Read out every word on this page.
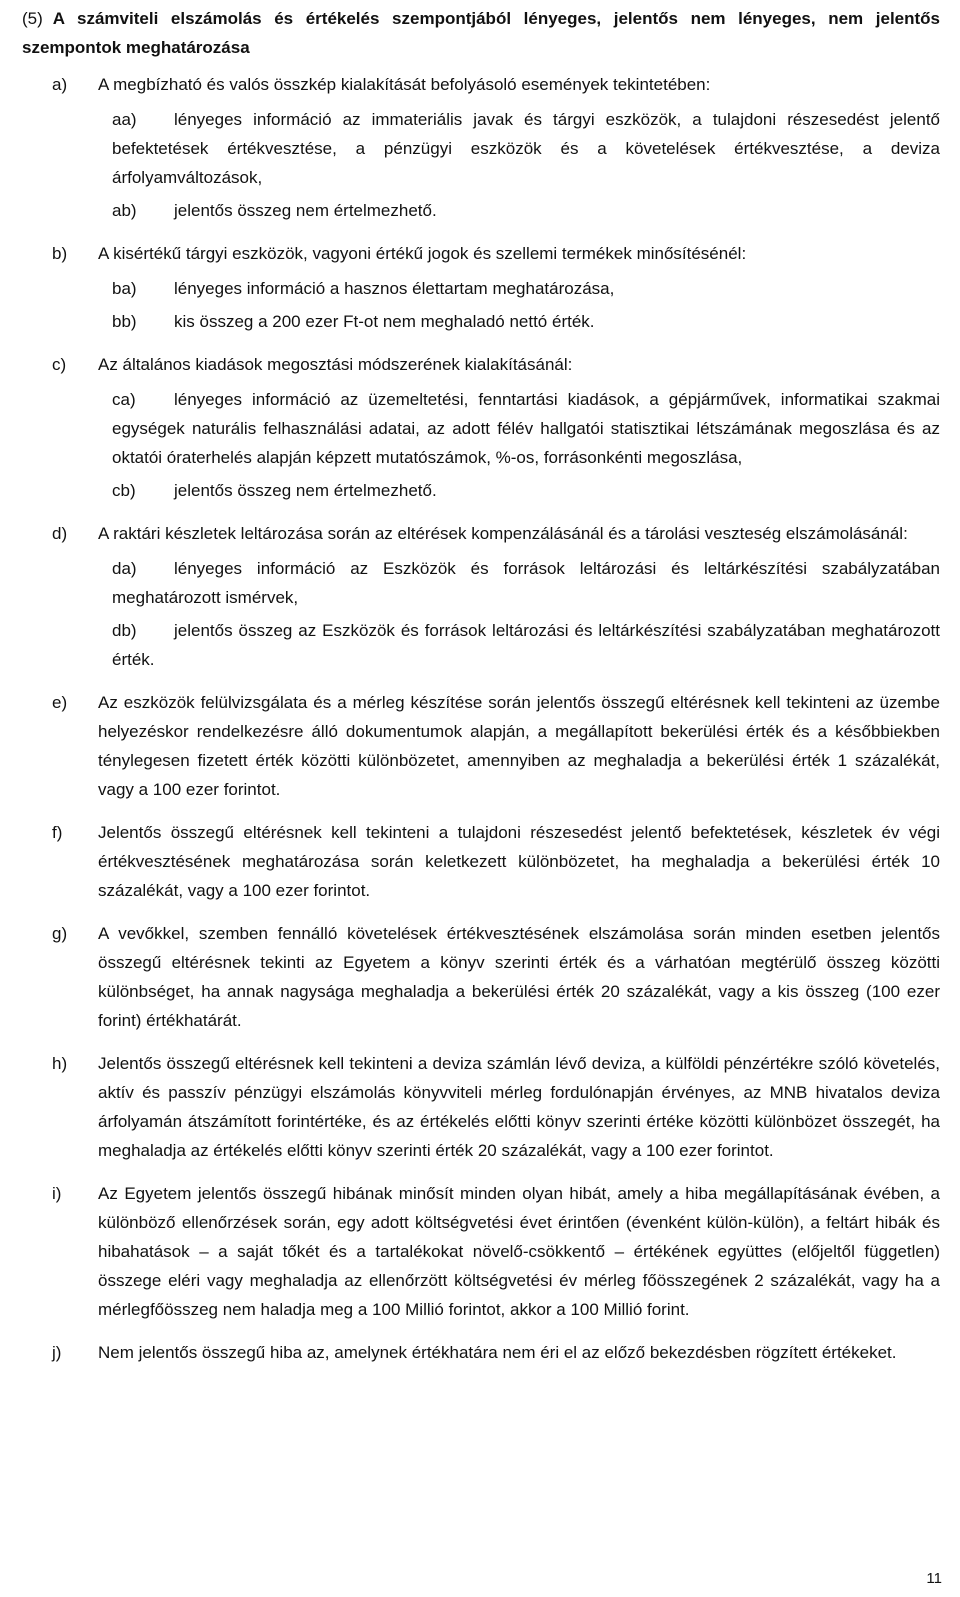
(5) A számviteli elszámolás és értékelés szempontjából lényeges, jelentős nem lényeges, nem jelentős szempontok meghatározása
a)	A megbízható és valós összkép kialakítását befolyásoló események tekintetében:
aa) lényeges információ az immateriális javak és tárgyi eszközök, a tulajdoni részesedést jelentő befektetések értékvesztése, a pénzügyi eszközök és a követelések értékvesztése, a deviza árfolyamváltozások,
ab) jelentős összeg nem értelmezhető.
b)	A kisértékű tárgyi eszközök, vagyoni értékű jogok és szellemi termékek minősítésénél:
ba) lényeges információ a hasznos élettartam meghatározása,
bb) kis összeg a 200 ezer Ft-ot nem meghaladó nettó érték.
c)	Az általános kiadások megosztási módszerének kialakításánál:
ca) lényeges információ az üzemeltetési, fenntartási kiadások, a gépjárművek, informatikai szakmai egységek naturális felhasználási adatai, az adott félév hallgatói statisztikai létszámának megoszlása és az oktatói óraterhelés alapján képzett mutatószámok, %-os, forrásonkénti megoszlása,
cb) jelentős összeg nem értelmezhető.
d)	A raktári készletek leltározása során az eltérések kompenzálásánál és a tárolási veszteség elszámolásánál:
da) lényeges információ az Eszközök és források leltározási és leltárkészítési szabályzatában meghatározott ismérvek,
db) jelentős összeg az Eszközök és források leltározási és leltárkészítési szabályzatában meghatározott érték.
e)	Az eszközök felülvizsgálata és a mérleg készítése során jelentős összegű eltérésnek kell tekinteni az üzembe helyezéskor rendelkezésre álló dokumentumok alapján, a megállapított bekerülési érték és a későbbiekben ténylegesen fizetett érték közötti különbözetet, amennyiben az meghaladja a bekerülési érték 1 százalékát, vagy a 100 ezer forintot.
f)	Jelentős összegű eltérésnek kell tekinteni a tulajdoni részesedést jelentő befektetések, készletek év végi értékvesztésének meghatározása során keletkezett különbözetet, ha meghaladja a bekerülési érték 10 százalékát, vagy a 100 ezer forintot.
g)	A vevőkkel, szemben fennálló követelések értékvesztésének elszámolása során minden esetben jelentős összegű eltérésnek tekinti az Egyetem a könyv szerinti érték és a várhatóan megtérülő összeg közötti különbséget, ha annak nagysága meghaladja a bekerülési érték 20 százalékát, vagy a kis összeg (100 ezer forint) értékhatárát.
h)	Jelentős összegű eltérésnek kell tekinteni a deviza számlán lévő deviza, a külföldi pénzértékre szóló követelés, aktív és passzív pénzügyi elszámolás könyvviteli mérleg fordulónapján érvényes, az MNB hivatalos deviza árfolyamán átszámított forintértéke, és az értékelés előtti könyv szerinti értéke közötti különbözet összegét, ha meghaladja az értékelés előtti könyv szerinti érték 20 százalékát, vagy a 100 ezer forintot.
i)	Az Egyetem jelentős összegű hibának minősít minden olyan hibát, amely a hiba megállapításának évében, a különböző ellenőrzések során, egy adott költségvetési évet érintően (évenként külön-külön), a feltárt hibák és hibahatások – a saját tőkét és a tartalékokat növelő-csökkentő – értékének együttes (előjeltől független) összege eléri vagy meghaladja az ellenőrzött költségvetési év mérleg főösszegének 2 százalékát, vagy ha a mérlegfőösszeg nem haladja meg a 100 Millió forintot, akkor a 100 Millió forint.
j)	Nem jelentős összegű hiba az, amelynek értékhatára nem éri el az előző bekezdésben rögzített értékeket.
11
